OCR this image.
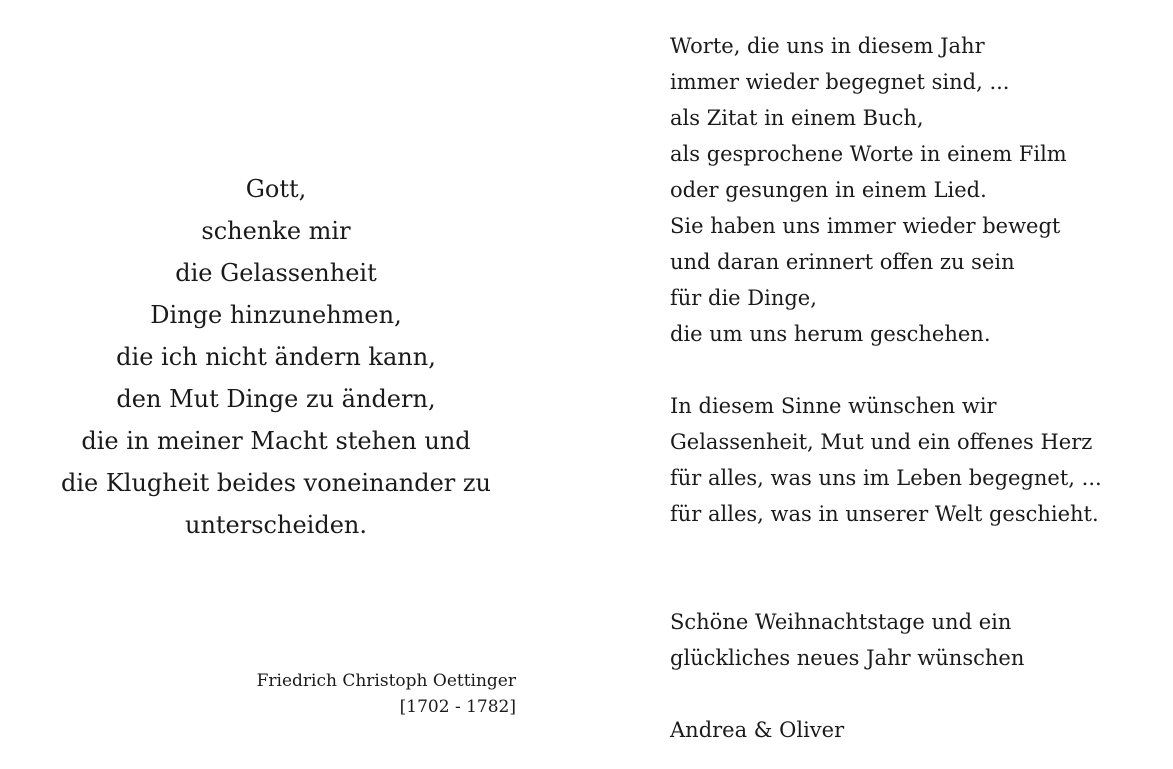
Gott,
schenke mir
die Gelassenheit
Dinge hinzunehmen,
die ich nicht ändern kann,
den Mut Dinge zu ändern,
die in meiner Macht stehen und
die Klugheit beides voneinander zu
unterscheiden.
Friedrich Christoph Oettinger
[1702 - 1782]
Worte, die uns in diesem Jahr
immer wieder begegnet sind, ...
als Zitat in einem Buch,
als gesprochene Worte in einem Film
oder gesungen in einem Lied.
Sie haben uns immer wieder bewegt
und daran erinnert offen zu sein
für die Dinge,
die um uns herum geschehen.
In diesem Sinne wünschen wir
Gelassenheit, Mut und ein offenes Herz
für alles, was uns im Leben begegnet, ...
für alles, was in unserer Welt geschieht.
Schöne Weihnachtstage und ein
glückliches neues Jahr wünschen
Andrea & Oliver
